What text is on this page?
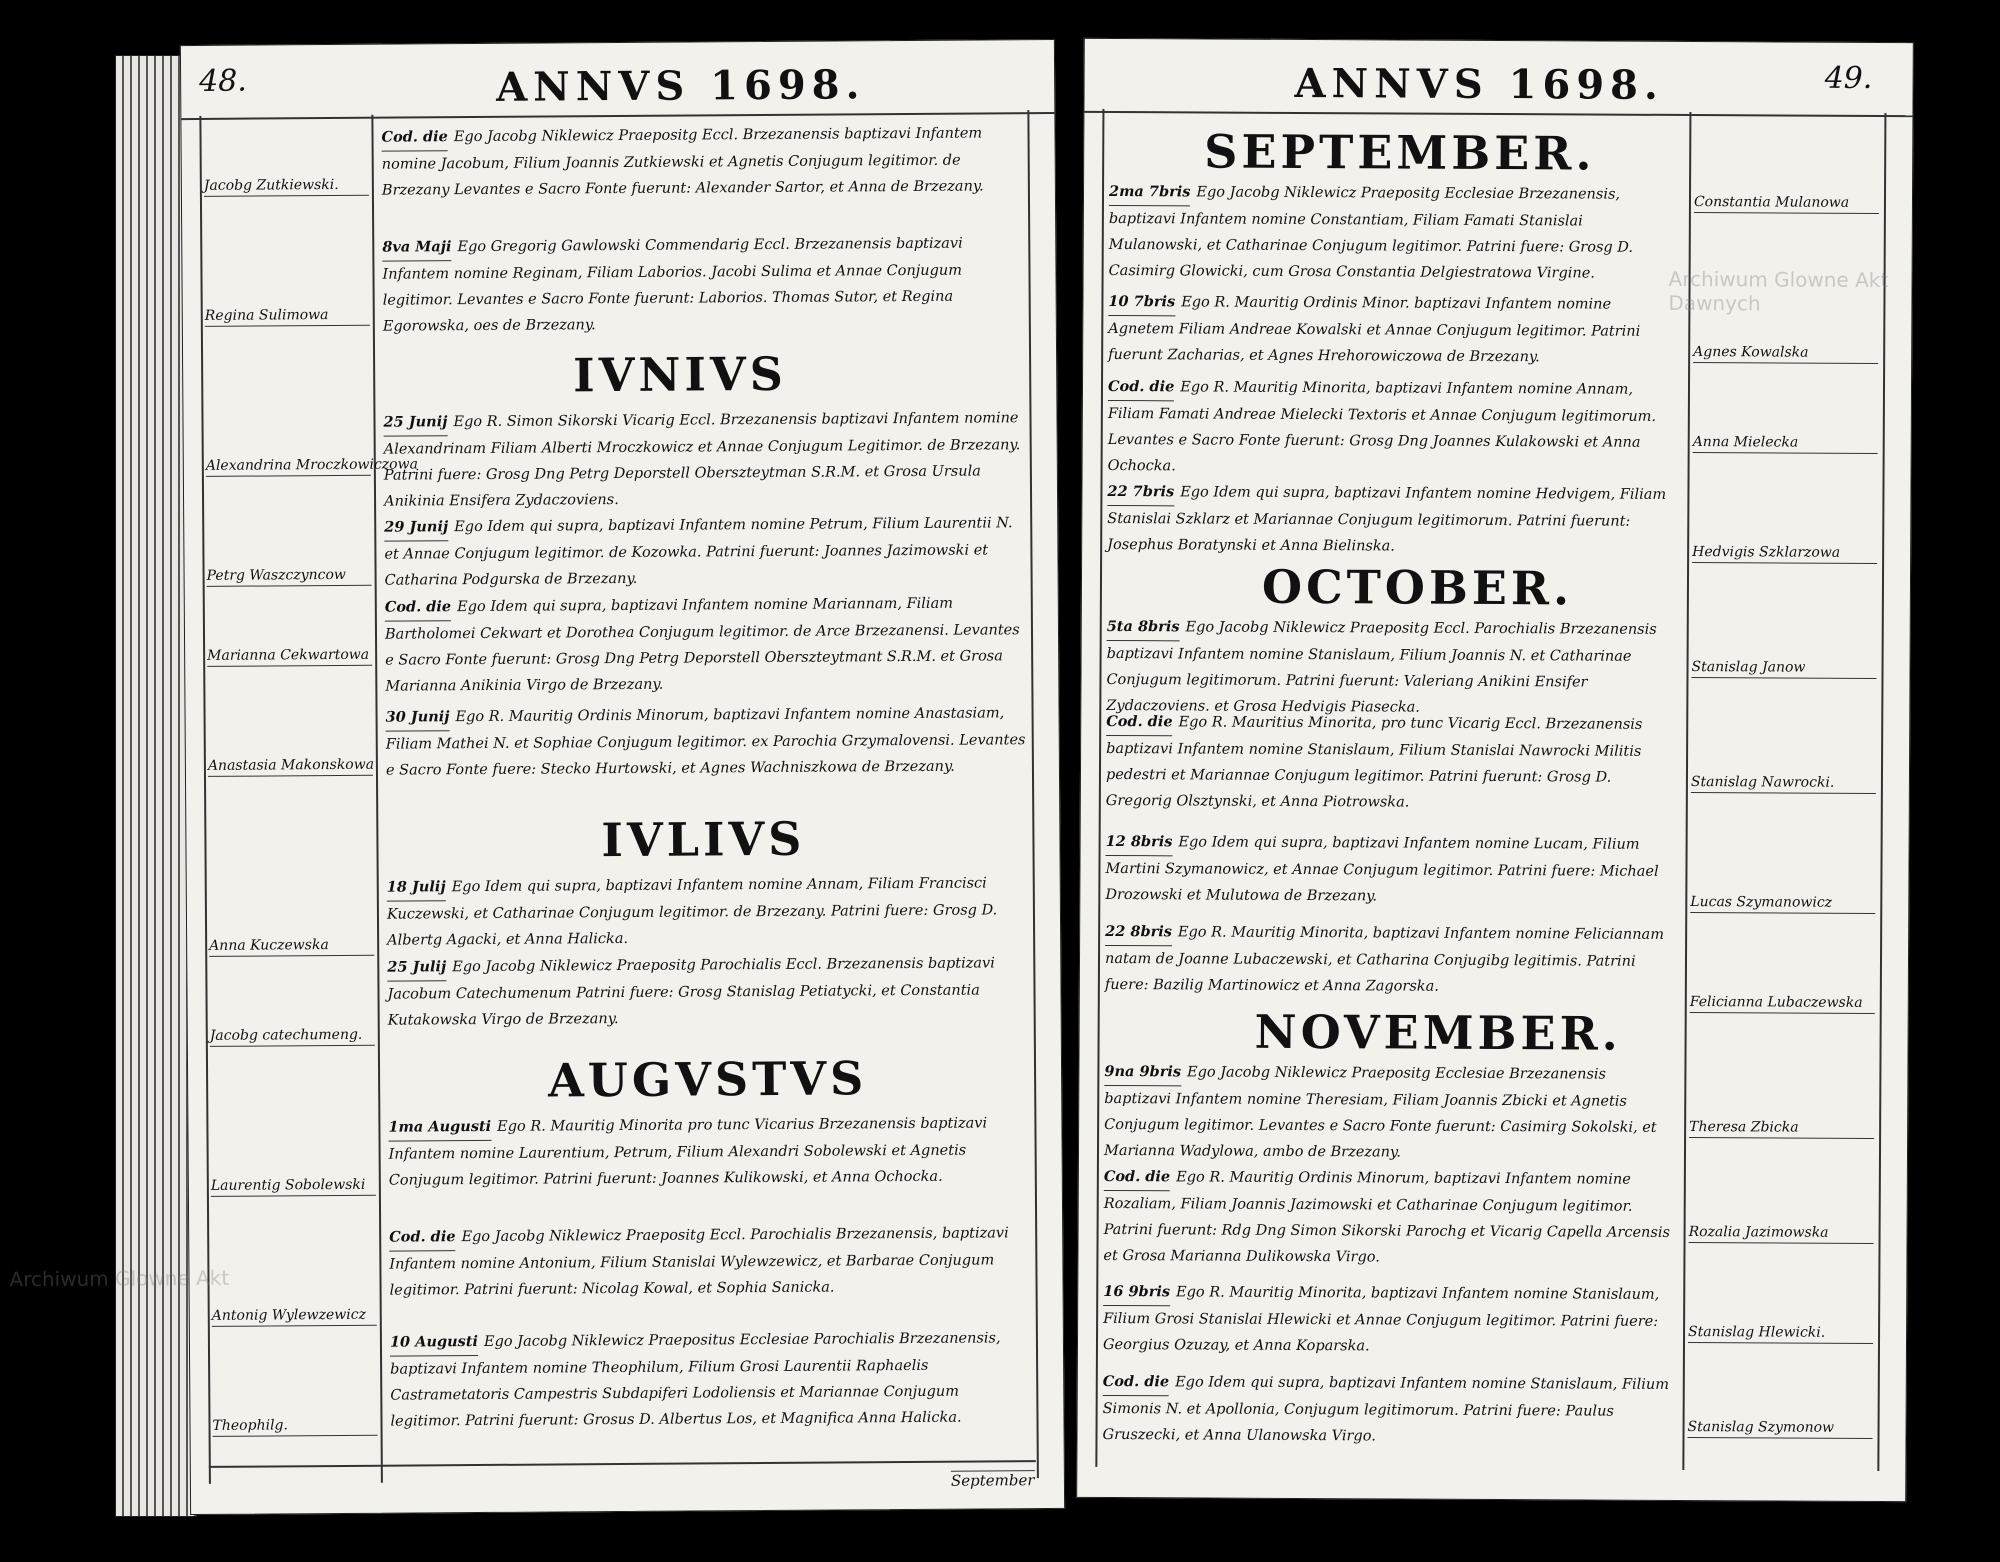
48.	ANNVS 1698.
Jacobg Zutkiewski.
Regina Sulimowa
Alexandrina Mroczkowiczowa
Petrg Waszczyncow
Marianna Cekwartowa
Anastasia Makonskowa
Anna Kuczewska
Jacobg catechumeng.
Laurentig Sobolewski
Antonig Wylewzewicz
Theophilg.
Cod. die Ego Jacobg Niklewicz Praepositg Eccl. Brzezanensis baptizavi Infantem nomine Jacobum, Filium Joannis Zutkiewski et Agnetis Conjugum legitimor. de Brzezany Levantes e Sacro Fonte fuerunt: Alexander Sartor, et Anna de Brzezany.
8va Maji Ego Gregorig Gawlowski Commendarig Eccl. Brzezanensis baptizavi Infantem nomine Reginam, Filiam Laborios. Jacobi Sulima et Annae Conjugum legitimor. Levantes e Sacro Fonte fuerunt: Laborios. Thomas Sutor, et Regina Egorowska, oes de Brzezany.
IVNIVS
25 Junij Ego R. Simon Sikorski Vicarig Eccl. Brzezanensis baptizavi Infantem nomine Alexandrinam Filiam Alberti Mroczkowicz et Annae Conjugum Legitimor. de Brzezany. Patrini fuere: Grosg Dng Petrg Deporstell Oberszteytman S.R.M. et Grosa Ursula Anikinia Ensifera Zydaczoviens.
29 Junij Ego Idem qui supra, baptizavi Infantem nomine Petrum, Filium Laurentii N. et Annae Conjugum legitimor. de Kozowka. Patrini fuerunt: Joannes Jazimowski et Catharina Podgurska de Brzezany.
Cod. die Ego Idem qui supra, baptizavi Infantem nomine Mariannam, Filiam Bartholomei Cekwart et Dorothea Conjugum legitimor. de Arce Brzezanensi. Levantes e Sacro Fonte fuerunt: Grosg Dng Petrg Deporstell Oberszteytmant S.R.M. et Grosa Marianna Anikinia Virgo de Brzezany.
30 Junij Ego R. Mauritig Ordinis Minorum, baptizavi Infantem nomine Anastasiam, Filiam Mathei N. et Sophiae Conjugum legitimor. ex Parochia Grzymalovensi. Levantes e Sacro Fonte fuere: Stecko Hurtowski, et Agnes Wachniszkowa de Brzezany.
IVLIVS
18 Julij Ego Idem qui supra, baptizavi Infantem nomine Annam, Filiam Francisci Kuczewski, et Catharinae Conjugum legitimor. de Brzezany. Patrini fuere: Grosg D. Albertg Agacki, et Anna Halicka.
25 Julij Ego Jacobg Niklewicz Praepositg Parochialis Eccl. Brzezanensis baptizavi Jacobum Catechumenum Patrini fuere: Grosg Stanislag Petiatycki, et Constantia Kutakowska Virgo de Brzezany.
AUGVSTVS
1ma Augusti Ego R. Mauritig Minorita pro tunc Vicarius Brzezanensis baptizavi Infantem nomine Laurentium, Petrum, Filium Alexandri Sobolewski et Agnetis Conjugum legitimor. Patrini fuerunt: Joannes Kulikowski, et Anna Ochocka.
Cod. die Ego Jacobg Niklewicz Praepositg Eccl. Parochialis Brzezanensis, baptizavi Infantem nomine Antonium, Filium Stanislai Wylewzewicz, et Barbarae Conjugum legitimor. Patrini fuerunt: Nicolag Kowal, et Sophia Sanicka.
10 Augusti Ego Jacobg Niklewicz Praepositus Ecclesiae Parochialis Brzezanensis, baptizavi Infantem nomine Theophilum, Filium Grosi Laurentii Raphaelis Castrametatoris Campestris Subdapiferi Lodoliensis et Mariannae Conjugum legitimor. Patrini fuerunt: Grosus D. Albertus Los, et Magnifica Anna Halicka.
September
Archiwum Glowne Akt
ANNVS 1698.	49.
SEPTEMBER.
2ma 7bris Ego Jacobg Niklewicz Praepositg Ecclesiae Brzezanensis, baptizavi Infantem nomine Constantiam, Filiam Famati Stanislai Mulanowski, et Catharinae Conjugum legitimor. Patrini fuere: Grosg D. Casimirg Glowicki, cum Grosa Constantia Delgiestratowa Virgine.
10 7bris Ego R. Mauritig Ordinis Minor. baptizavi Infantem nomine Agnetem Filiam Andreae Kowalski et Annae Conjugum legitimor. Patrini fuerunt Zacharias, et Agnes Hrehorowiczowa de Brzezany.
Cod. die Ego R. Mauritig Minorita, baptizavi Infantem nomine Annam, Filiam Famati Andreae Mielecki Textoris et Annae Conjugum legitimorum. Levantes e Sacro Fonte fuerunt: Grosg Dng Joannes Kulakowski et Anna Ochocka.
22 7bris Ego Idem qui supra, baptizavi Infantem nomine Hedvigem, Filiam Stanislai Szklarz et Mariannae Conjugum legitimorum. Patrini fuerunt: Josephus Boratynski et Anna Bielinska.
OCTOBER.
5ta 8bris Ego Jacobg Niklewicz Praepositg Eccl. Parochialis Brzezanensis baptizavi Infantem nomine Stanislaum, Filium Joannis N. et Catharinae Conjugum legitimorum. Patrini fuerunt: Valeriang Anikini Ensifer Zydaczoviens. et Grosa Hedvigis Piasecka.
Cod. die Ego R. Mauritius Minorita, pro tunc Vicarig Eccl. Brzezanensis baptizavi Infantem nomine Stanislaum, Filium Stanislai Nawrocki Militis pedestri et Mariannae Conjugum legitimor. Patrini fuerunt: Grosg D. Gregorig Olsztynski, et Anna Piotrowska.
12 8bris Ego Idem qui supra, baptizavi Infantem nomine Lucam, Filium Martini Szymanowicz, et Annae Conjugum legitimor. Patrini fuere: Michael Drozowski et Mulutowa de Brzezany.
22 8bris Ego R. Mauritig Minorita, baptizavi Infantem nomine Feliciannam natam de Joanne Lubaczewski, et Catharina Conjugibg legitimis. Patrini fuere: Bazilig Martinowicz et Anna Zagorska.
NOVEMBER.
9na 9bris Ego Jacobg Niklewicz Praepositg Ecclesiae Brzezanensis baptizavi Infantem nomine Theresiam, Filiam Joannis Zbicki et Agnetis Conjugum legitimor. Levantes e Sacro Fonte fuerunt: Casimirg Sokolski, et Marianna Wadylowa, ambo de Brzezany.
Cod. die Ego R. Mauritig Ordinis Minorum, baptizavi Infantem nomine Rozaliam, Filiam Joannis Jazimowski et Catharinae Conjugum legitimor. Patrini fuerunt: Rdg Dng Simon Sikorski Parochg et Vicarig Capella Arcensis et Grosa Marianna Dulikowska Virgo.
16 9bris Ego R. Mauritig Minorita, baptizavi Infantem nomine Stanislaum, Filium Grosi Stanislai Hlewicki et Annae Conjugum legitimor. Patrini fuere: Georgius Ozuzay, et Anna Koparska.
Cod. die Ego Idem qui supra, baptizavi Infantem nomine Stanislaum, Filium Simonis N. et Apollonia, Conjugum legitimorum. Patrini fuere: Paulus Gruszecki, et Anna Ulanowska Virgo.
Constantia Mulanowa
Agnes Kowalska
Anna Mielecka
Hedvigis Szklarzowa
Stanislag Janow
Stanislag Nawrocki.
Lucas Szymanowicz
Felicianna Lubaczewska
Theresa Zbicka
Rozalia Jazimowska
Stanislag Hlewicki.
Stanislag Szymonow
Archiwum Glowne Akt Dawnych
